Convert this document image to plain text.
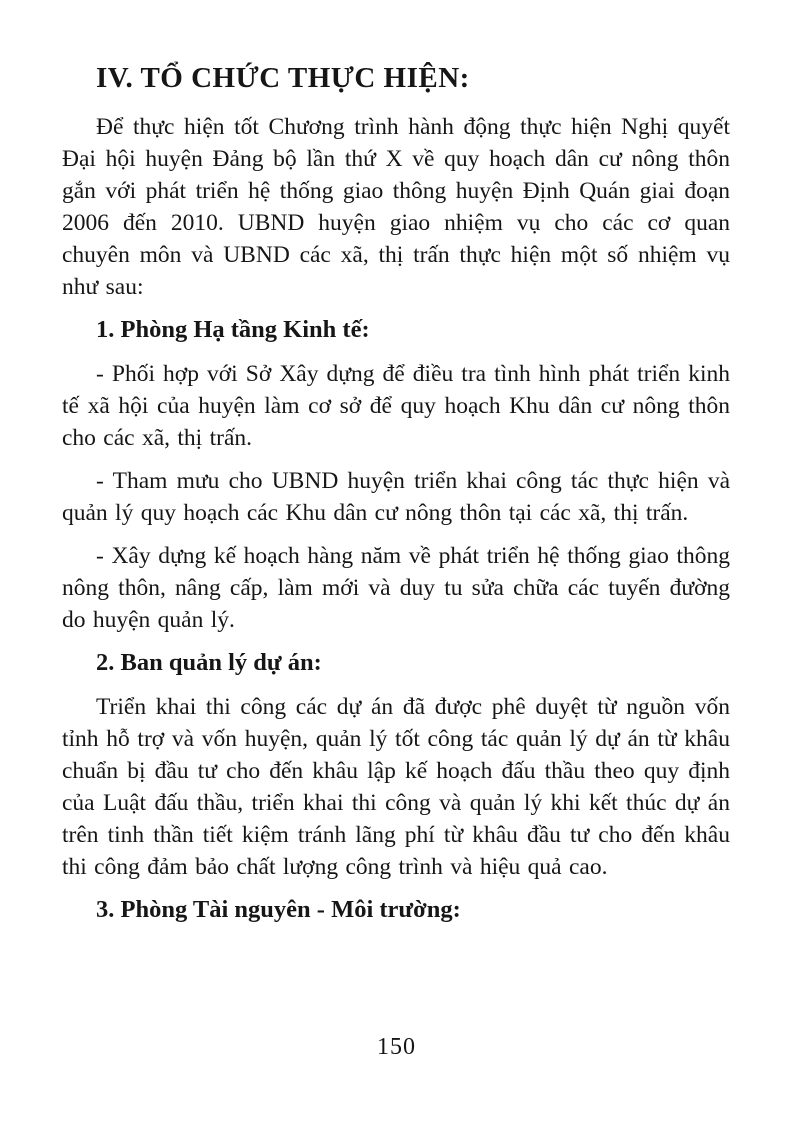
IV. TỔ CHỨC THỰC HIỆN:

Để thực hiện tốt Chương trình hành động thực hiện Nghị quyết Đại hội huyện Đảng bộ lần thứ X về quy hoạch dân cư nông thôn gắn với phát triển hệ thống giao thông huyện Định Quán giai đoạn 2006 đến 2010. UBND huyện giao nhiệm vụ cho các cơ quan chuyên môn và UBND các xã, thị trấn thực hiện một số nhiệm vụ như sau:

1. Phòng Hạ tầng Kinh tế:

- Phối hợp với Sở Xây dựng để điều tra tình hình phát triển kinh tế xã hội của huyện làm cơ sở để quy hoạch Khu dân cư nông thôn cho các xã, thị trấn.

- Tham mưu cho UBND huyện triển khai công tác thực hiện và quản lý quy hoạch các Khu dân cư nông thôn tại các xã, thị trấn.

- Xây dựng kế hoạch hàng năm về phát triển hệ thống giao thông nông thôn, nâng cấp, làm mới và duy tu sửa chữa các tuyến đường do huyện quản lý.

2. Ban quản lý dự án:

Triển khai thi công các dự án đã được phê duyệt từ nguồn vốn tỉnh hỗ trợ và vốn huyện, quản lý tốt công tác quản lý dự án từ khâu chuẩn bị đầu tư cho đến khâu lập kế hoạch đấu thầu theo quy định của Luật đấu thầu, triển khai thi công và quản lý khi kết thúc dự án trên tinh thần tiết kiệm tránh lãng phí từ khâu đầu tư cho đến khâu thi công đảm bảo chất lượng công trình và hiệu quả cao.

3. Phòng Tài nguyên - Môi trường:
150
